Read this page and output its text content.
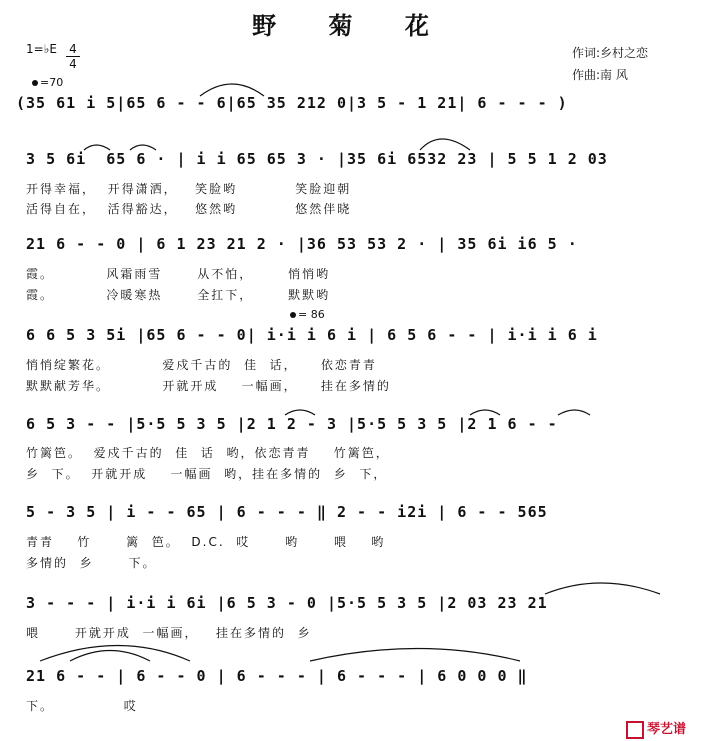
野 菊 花
1=♭E $\frac{4}{4}$
=70
作词:乡村之恋
作曲:南 风
(35 61 i 5|65 6 - - 6|65 35 212 0|3 5 - 1 21| 6 - - - )
3 5 6i  65 6 · | i i 65 65 3 · |35 6i 6532 23 | 5 5 1 2 03
开得幸福，  开得潇洒，   笑脸哟          笑脸迎朝
活得自在，  活得豁达，   悠然哟          悠然伴晓
21 6 - - 0 | 6 1 23 21 2 · |36 53 53 2 · | 35 6i i6 5 ·
霞。         风霜雨雪      从不怕，      悄悄哟
霞。         冷暖寒热      全扛下，      默默哟
= 86
6 6 5 3 5i |65 6 - - 0| i·i i 6 i | 6 5 6 - - | i·i i 6 i
悄悄绽繁花。         爱戍千古的  佳  话，    依恋青青
默默献芳华。         开就开成    一幅画，    挂在多情的
6 5 3 - - |5·5 5 3 5 |2 1 2 - 3 |5·5 5 3 5 |2 1 6 - -
竹篱笆。  爱戍千古的  佳  话  哟，依恋青青    竹篱笆，
乡  下。  开就开成    一幅画  哟，挂在多情的  乡  下，
5 - 3 5 | i - - 65 | 6 - - - ‖ 2 - - i2i | 6 - - 565
青青    竹      篱  笆。  D.C.  哎      哟      喂    哟
多情的  乡      下。
3 - - - | i·i i 6i |6 5 3 - 0 |5·5 5 3 5 |2 03 23 21
喂      开就开成  一幅画，   挂在多情的  乡
21 6 - - | 6 - - 0 | 6 - - - | 6 - - - | 6 0 0 0 ‖
下。            哎
琴艺谱
